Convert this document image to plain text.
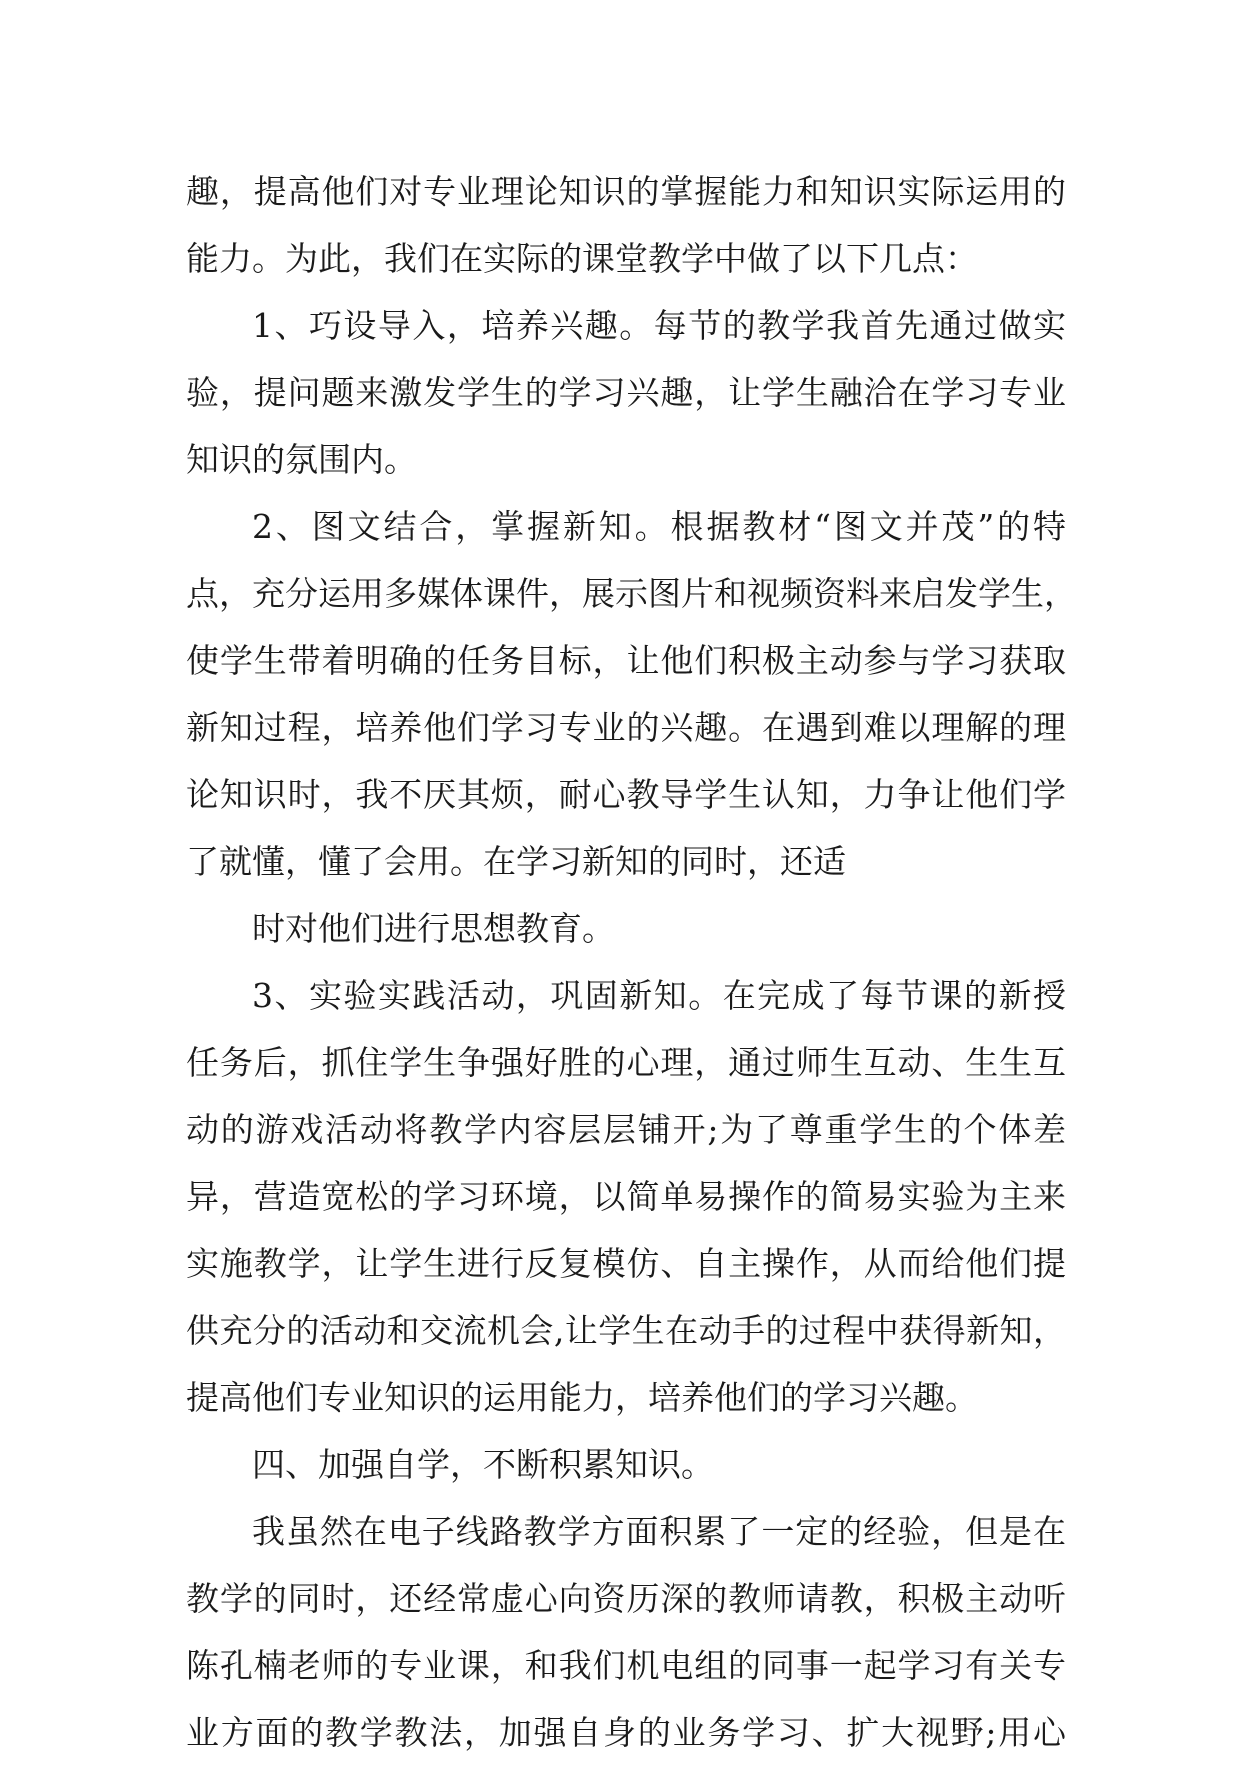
趣，提高他们对专业理论知识的掌握能力和知识实际运用的
能力。为此，我们在实际的课堂教学中做了以下几点：
1、巧设导入，培养兴趣。每节的教学我首先通过做实
验，提问题来激发学生的学习兴趣，让学生融洽在学习专业
知识的氛围内。
2、图文结合，掌握新知。根据教材“图文并茂”的特
点，充分运用多媒体课件，展示图片和视频资料来启发学生，
使学生带着明确的任务目标，让他们积极主动参与学习获取
新知过程，培养他们学习专业的兴趣。在遇到难以理解的理
论知识时，我不厌其烦，耐心教导学生认知，力争让他们学
了就懂，懂了会用。在学习新知的同时，还适
时对他们进行思想教育。
3、实验实践活动，巩固新知。在完成了每节课的新授
任务后，抓住学生争强好胜的心理，通过师生互动、生生互
动的游戏活动将教学内容层层铺开;为了尊重学生的个体差
异，营造宽松的学习环境，以简单易操作的简易实验为主来
实施教学，让学生进行反复模仿、自主操作，从而给他们提
供充分的活动和交流机会,让学生在动手的过程中获得新知，
提高他们专业知识的运用能力，培养他们的学习兴趣。
四、加强自学，不断积累知识。
我虽然在电子线路教学方面积累了一定的经验，但是在
教学的同时，还经常虚心向资历深的教师请教，积极主动听
陈孔楠老师的专业课，和我们机电组的同事一起学习有关专
业方面的教学教法，加强自身的业务学习、扩大视野;用心
